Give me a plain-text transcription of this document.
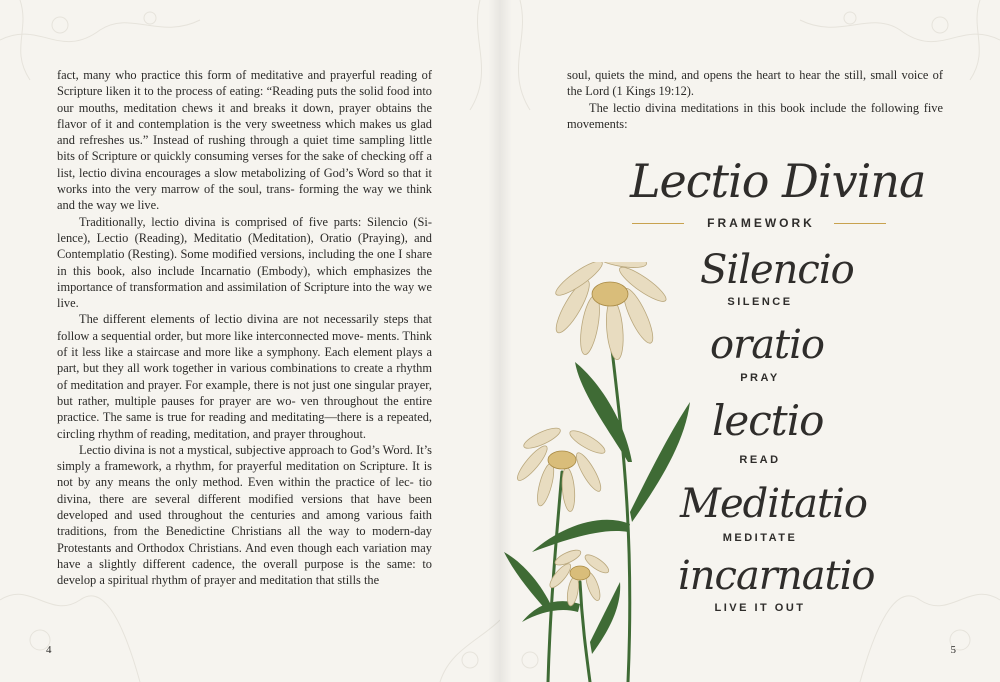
fact, many who practice this form of meditative and prayerful reading of Scripture liken it to the process of eating: “Reading puts the solid food into our mouths, meditation chews it and breaks it down, prayer obtains the flavor of it and contemplation is the very sweetness which makes us glad and refreshes us.” Instead of rushing through a quiet time sampling little bits of Scripture or quickly consuming verses for the sake of checking off a list, lectio divina encourages a slow metabolizing of God’s Word so that it works into the very marrow of the soul, trans- forming the way we think and the way we live.

Traditionally, lectio divina is comprised of five parts: Silencio (Si- lence), Lectio (Reading), Meditatio (Meditation), Oratio (Praying), and Contemplatio (Resting). Some modified versions, including the one I share in this book, also include Incarnatio (Embody), which emphasizes the importance of transformation and assimilation of Scripture into the way we live.

The different elements of lectio divina are not necessarily steps that follow a sequential order, but more like interconnected move- ments. Think of it less like a staircase and more like a symphony. Each element plays a part, but they all work together in various combinations to create a rhythm of meditation and prayer. For example, there is not just one singular prayer, but rather, multiple pauses for prayer are wo- ven throughout the entire practice. The same is true for reading and meditating—there is a repeated, circling rhythm of reading, meditation, and prayer throughout.

Lectio divina is not a mystical, subjective approach to God’s Word. It’s simply a framework, a rhythm, for prayerful meditation on Scripture. It is not by any means the only method. Even within the practice of lec- tio divina, there are several different modified versions that have been developed and used throughout the centuries and among various faith traditions, from the Benedictine Christians all the way to modern-day Protestants and Orthodox Christians. And even though each variation may have a slightly different cadence, the overall purpose is the same: to develop a spiritual rhythm of prayer and meditation that stills the

4

soul, quiets the mind, and opens the heart to hear the still, small voice of the Lord (1 Kings 19:12).

The lectio divina meditations in this book include the following five movements:

Lectio Divina
FRAMEWORK
Silencio
SILENCE
oratio
PRAY
lectio
READ
Meditatio
MEDITATE
incarnatio
LIVE IT OUT
5
